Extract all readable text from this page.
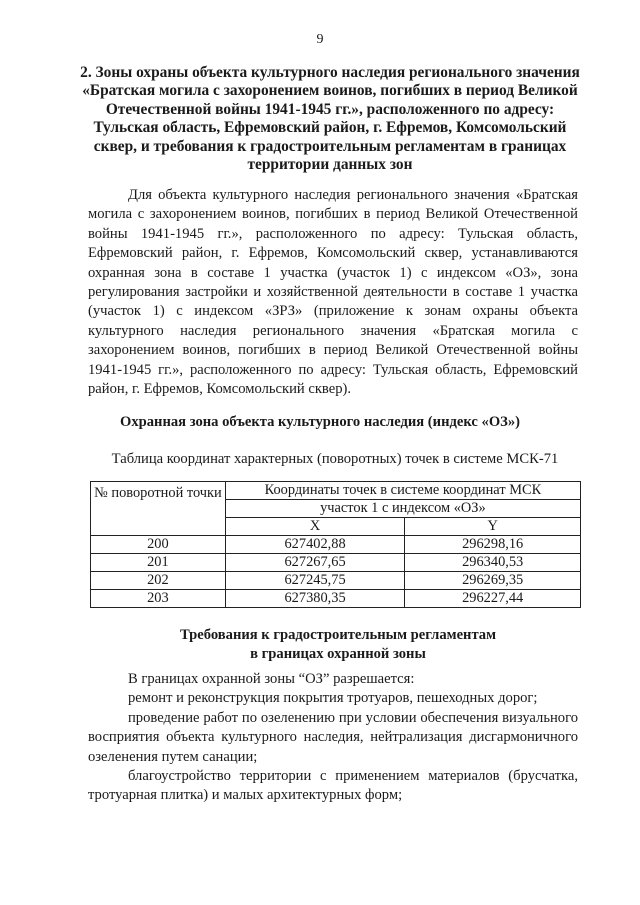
9
2. Зоны охраны объекта культурного наследия регионального значения «Братская могила с захоронением воинов, погибших в период Великой Отечественной войны 1941-1945 гг.», расположенного по адресу: Тульская область, Ефремовский район, г. Ефремов, Комсомольский сквер, и требования к градостроительным регламентам в границах территории данных зон

Для объекта культурного наследия регионального значения «Братская могила с захоронением воинов, погибших в период Великой Отечественной войны 1941-1945 гг.», расположенного по адресу: Тульская область, Ефремовский район, г. Ефремов, Комсомольский сквер, устанавливаются охранная зона в составе 1 участка (участок 1) с индексом «ОЗ», зона регулирования застройки и хозяйственной деятельности в составе 1 участка (участок 1) с индексом «ЗРЗ» (приложение к зонам охраны объекта культурного наследия регионального значения «Братская могила с захоронением воинов, погибших в период Великой Отечественной войны 1941-1945 гг.», расположенного по адресу: Тульская область, Ефремовский район, г. Ефремов, Комсомольский сквер).

Охранная зона объекта культурного наследия (индекс «ОЗ»)
Таблица координат характерных (поворотных) точек в системе МСК-71
№ поворотной точки	Координаты точек в системе координат МСК	
	участок 1 с индексом «ОЗ»	
	X	Y
200	627402,88	296298,16
201	627267,65	296340,53
202	627245,75	296269,35
203	627380,35	296227,44
Требования к градостроительным регламентам
в границах охранной зоны

В границах охранной зоны “ОЗ” разрешается:

ремонт и реконструкция покрытия тротуаров, пешеходных дорог;

проведение работ по озеленению при условии обеспечения визуального восприятия объекта культурного наследия, нейтрализация дисгармоничного озеленения путем санации;

благоустройство территории с применением материалов (брусчатка, тротуарная плитка) и малых архитектурных форм;
